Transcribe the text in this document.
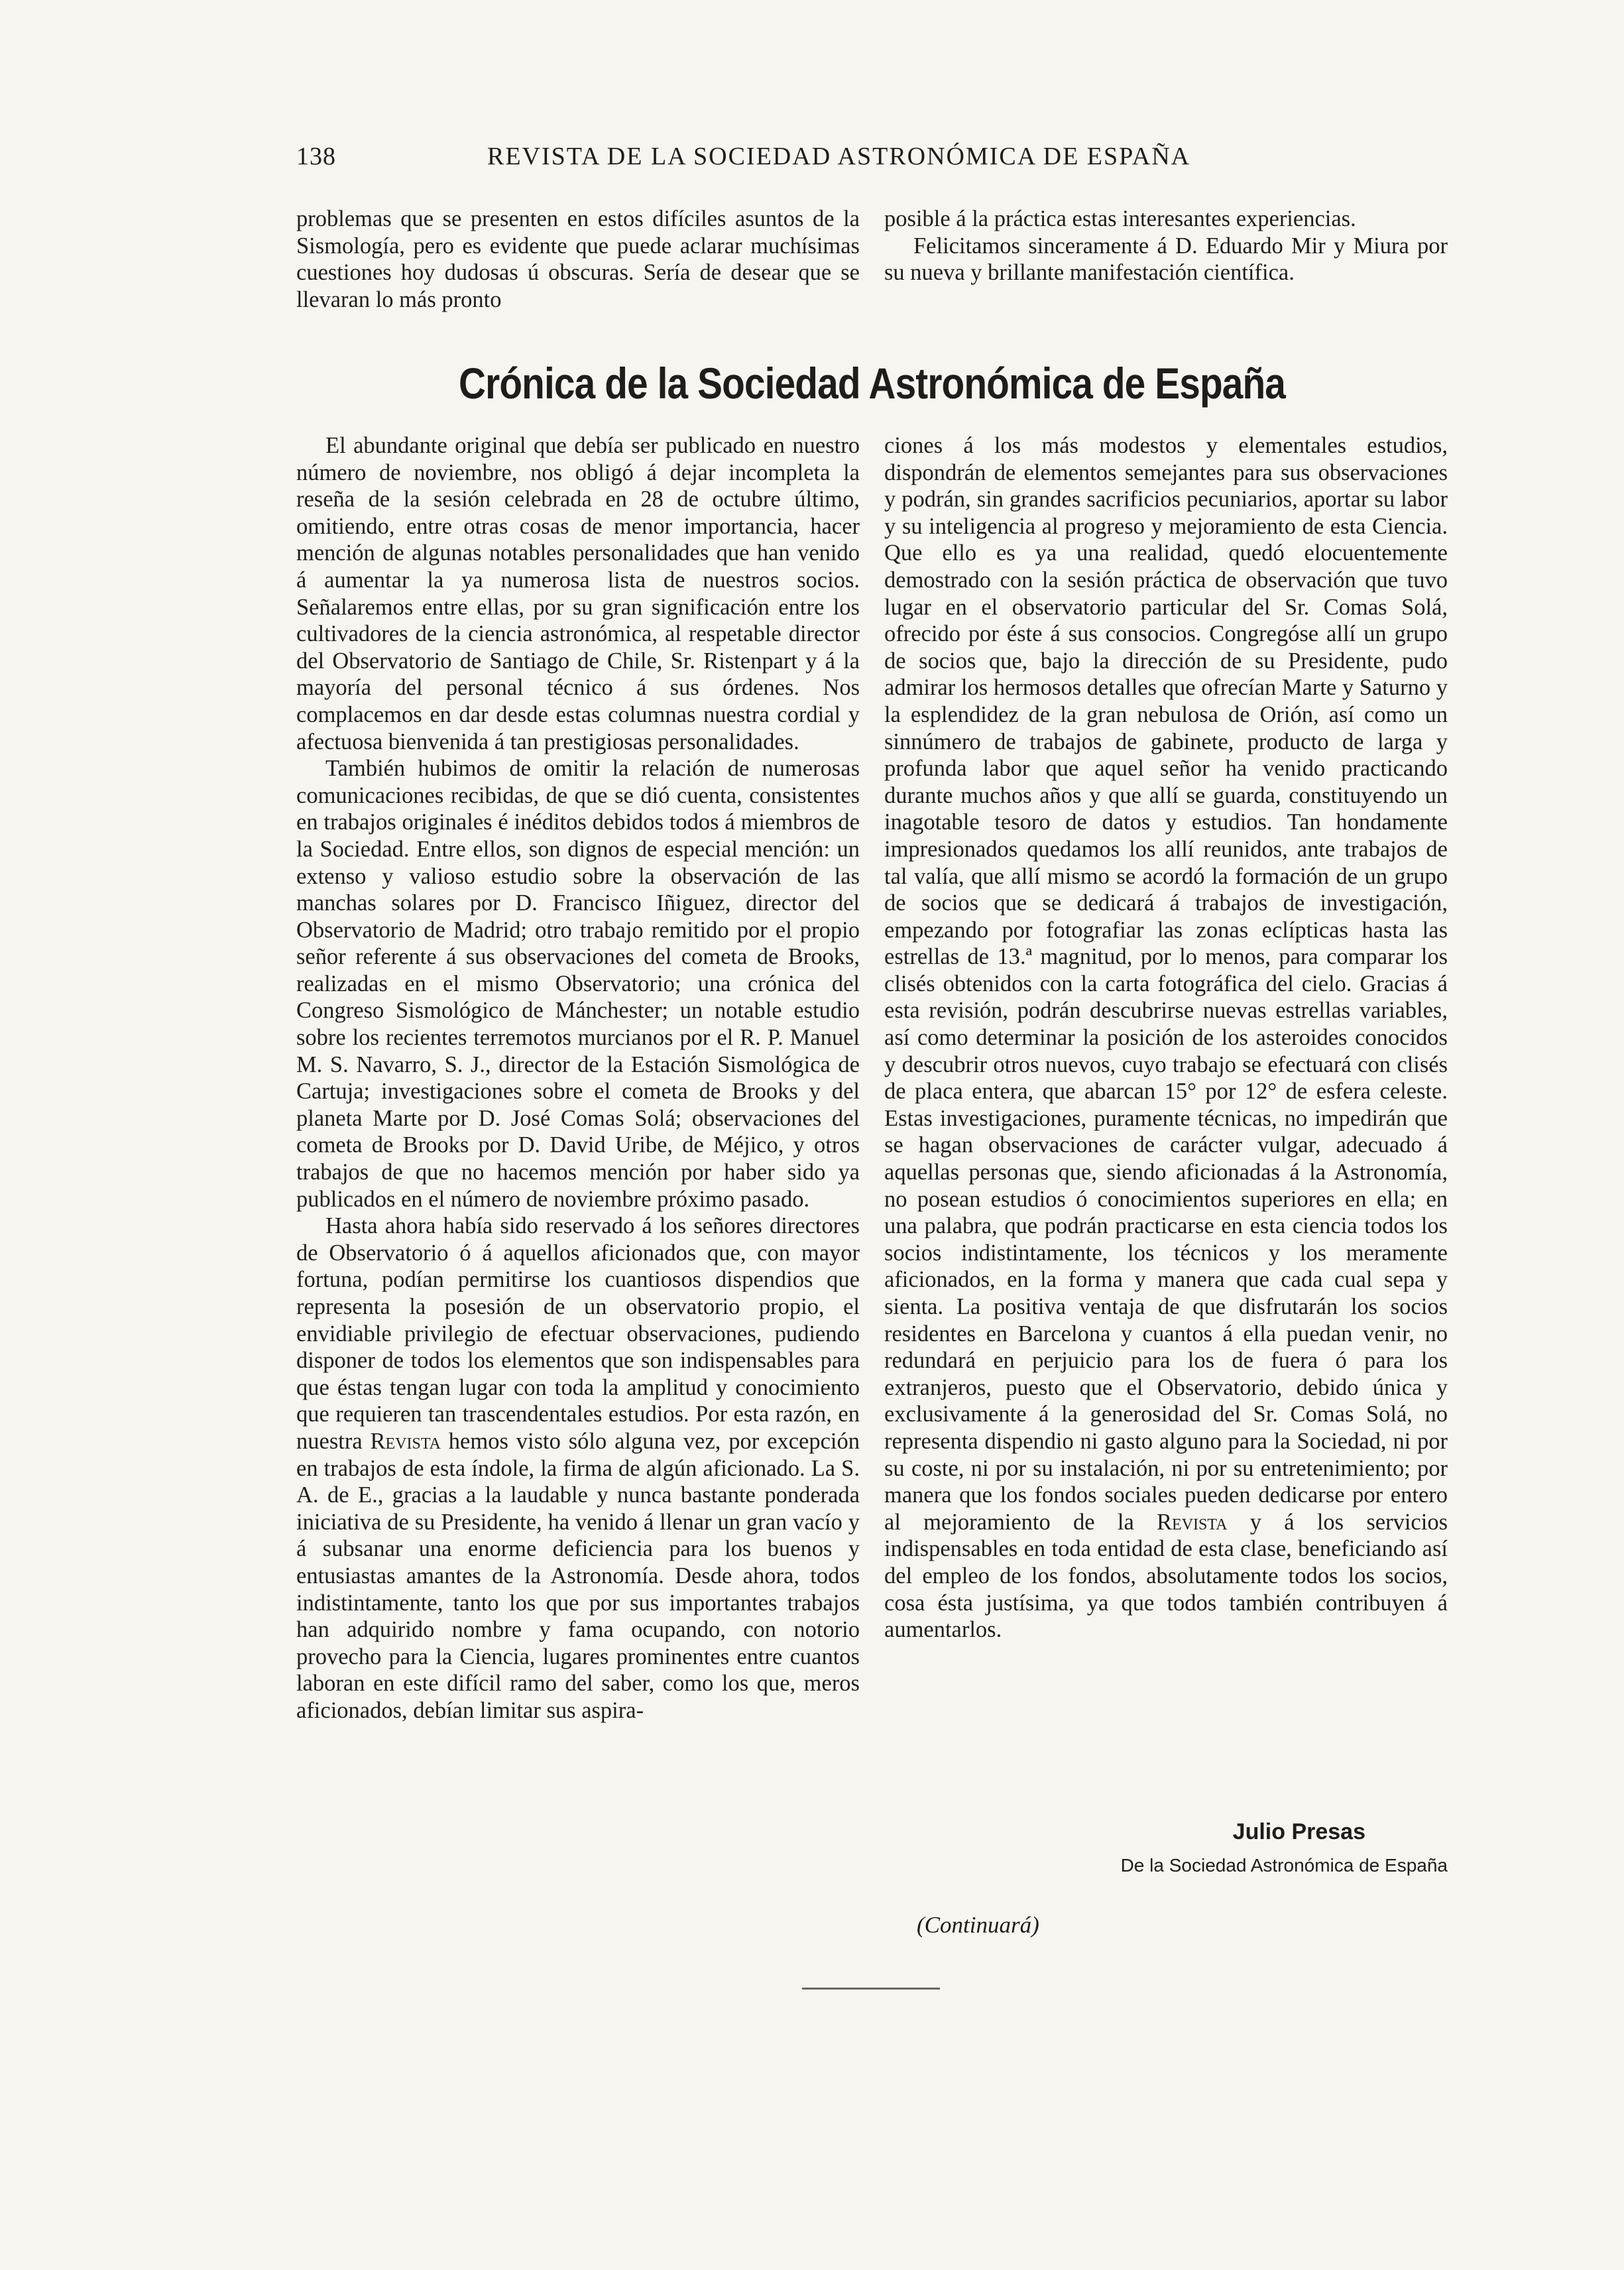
138	REVISTA DE LA SOCIEDAD ASTRONÓMICA DE ESPAÑA

problemas que se presenten en estos difíciles asuntos de la Sismología, pero es evidente que puede aclarar muchísimas cuestiones hoy dudosas ú obscuras. Sería de desear que se llevaran lo más pronto

posible á la práctica estas interesantes experiencias.

Felicitamos sinceramente á D. Eduardo Mir y Miura por su nueva y brillante manifestación científica.

Crónica de la Sociedad Astronómica de España

El abundante original que debía ser publicado en nuestro número de noviembre, nos obligó á dejar incompleta la reseña de la sesión celebrada en 28 de octubre último, omitiendo, entre otras cosas de menor importancia, hacer mención de algunas notables personalidades que han venido á aumentar la ya numerosa lista de nuestros socios. Señalaremos entre ellas, por su gran significación entre los cultivadores de la ciencia astronómica, al respetable director del Observatorio de Santiago de Chile, Sr. Ristenpart y á la mayoría del personal técnico á sus órdenes. Nos complacemos en dar desde estas columnas nuestra cordial y afectuosa bienvenida á tan prestigiosas personalidades.

También hubimos de omitir la relación de numerosas comunicaciones recibidas, de que se dió cuenta, consistentes en trabajos originales é inéditos debidos todos á miembros de la Sociedad. Entre ellos, son dignos de especial mención: un extenso y valioso estudio sobre la observación de las manchas solares por D. Francisco Iñiguez, director del Observatorio de Madrid; otro trabajo remitido por el propio señor referente á sus observaciones del cometa de Brooks, realizadas en el mismo Observatorio; una crónica del Congreso Sismológico de Mánchester; un notable estudio sobre los recientes terremotos murcianos por el R. P. Manuel M. S. Navarro, S. J., director de la Estación Sismológica de Cartuja; investigaciones sobre el cometa de Brooks y del planeta Marte por D. José Comas Solá; observaciones del cometa de Brooks por D. David Uribe, de Méjico, y otros trabajos de que no hacemos mención por haber sido ya publicados en el número de noviembre próximo pasado.

Hasta ahora había sido reservado á los señores directores de Observatorio ó á aquellos aficionados que, con mayor fortuna, podían permitirse los cuantiosos dispendios que representa la posesión de un observatorio propio, el envidiable privilegio de efectuar observaciones, pudiendo disponer de todos los elementos que son indispensables para que éstas tengan lugar con toda la amplitud y conocimiento que requieren tan trascendentales estudios. Por esta razón, en nuestra Revista hemos visto sólo alguna vez, por excepción en trabajos de esta índole, la firma de algún aficionado. La S. A. de E., gracias a la laudable y nunca bastante ponderada iniciativa de su Presidente, ha venido á llenar un gran vacío y á subsanar una enorme deficiencia para los buenos y entusiastas amantes de la Astronomía. Desde ahora, todos indistintamente, tanto los que por sus importantes trabajos han adquirido nombre y fama ocupando, con notorio provecho para la Ciencia, lugares prominentes entre cuantos laboran en este difícil ramo del saber, como los que, meros aficionados, debían limitar sus aspira-

ciones á los más modestos y elementales estudios, dispondrán de elementos semejantes para sus observaciones y podrán, sin grandes sacrificios pecuniarios, aportar su labor y su inteligencia al progreso y mejoramiento de esta Ciencia. Que ello es ya una realidad, quedó elocuentemente demostrado con la sesión práctica de observación que tuvo lugar en el observatorio particular del Sr. Comas Solá, ofrecido por éste á sus consocios. Congregóse allí un grupo de socios que, bajo la dirección de su Presidente, pudo admirar los hermosos detalles que ofrecían Marte y Saturno y la esplendidez de la gran nebulosa de Orión, así como un sinnúmero de trabajos de gabinete, producto de larga y profunda labor que aquel señor ha venido practicando durante muchos años y que allí se guarda, constituyendo un inagotable tesoro de datos y estudios. Tan hondamente impresionados quedamos los allí reunidos, ante trabajos de tal valía, que allí mismo se acordó la formación de un grupo de socios que se dedicará á trabajos de investigación, empezando por fotografiar las zonas eclípticas hasta las estrellas de 13.ª magnitud, por lo menos, para comparar los clisés obtenidos con la carta fotográfica del cielo. Gracias á esta revisión, podrán descubrirse nuevas estrellas variables, así como determinar la posición de los asteroides conocidos y descubrir otros nuevos, cuyo trabajo se efectuará con clisés de placa entera, que abarcan 15° por 12° de esfera celeste. Estas investigaciones, puramente técnicas, no impedirán que se hagan observaciones de carácter vulgar, adecuado á aquellas personas que, siendo aficionadas á la Astronomía, no posean estudios ó conocimientos superiores en ella; en una palabra, que podrán practicarse en esta ciencia todos los socios indistintamente, los técnicos y los meramente aficionados, en la forma y manera que cada cual sepa y sienta. La positiva ventaja de que disfrutarán los socios residentes en Barcelona y cuantos á ella puedan venir, no redundará en perjuicio para los de fuera ó para los extranjeros, puesto que el Observatorio, debido única y exclusivamente á la generosidad del Sr. Comas Solá, no representa dispendio ni gasto alguno para la Sociedad, ni por su coste, ni por su instalación, ni por su entretenimiento; por manera que los fondos sociales pueden dedicarse por entero al mejoramiento de la Revista y á los servicios indispensables en toda entidad de esta clase, beneficiando así del empleo de los fondos, absolutamente todos los socios, cosa ésta justísima, ya que todos también contribuyen á aumentarlos.

Julio Presas
De la Sociedad Astronómica de España
(Continuará)
